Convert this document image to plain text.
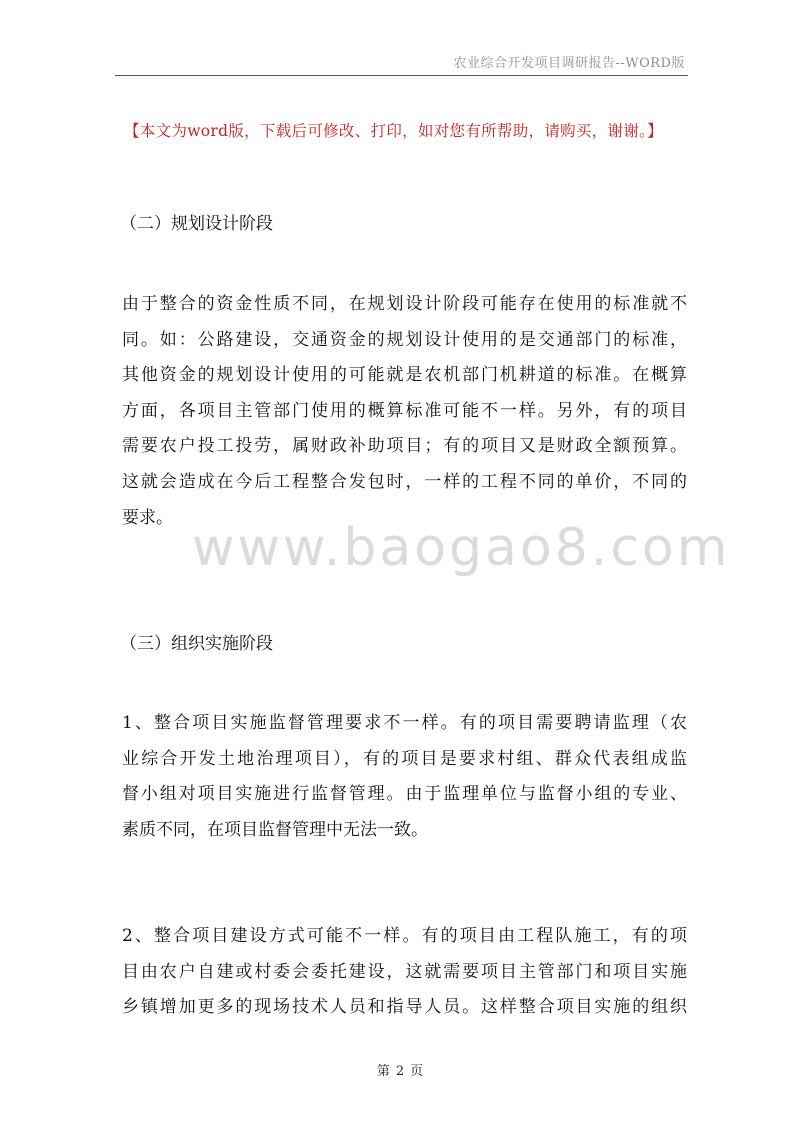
农业综合开发项目调研报告--WORD版
【本文为word版，下载后可修改、打印，如对您有所帮助，请购买，谢谢。】
（二）规划设计阶段
由于整合的资金性质不同，在规划设计阶段可能存在使用的标准就不
同。如：公路建设，交通资金的规划设计使用的是交通部门的标准，
其他资金的规划设计使用的可能就是农机部门机耕道的标准。在概算
方面，各项目主管部门使用的概算标准可能不一样。另外，有的项目
需要农户投工投劳，属财政补助项目；有的项目又是财政全额预算。
这就会造成在今后工程整合发包时，一样的工程不同的单价，不同的
要求。
（三）组织实施阶段
1、整合项目实施监督管理要求不一样。有的项目需要聘请监理（农
业综合开发土地治理项目），有的项目是要求村组、群众代表组成监
督小组对项目实施进行监督管理。由于监理单位与监督小组的专业、
素质不同，在项目监督管理中无法一致。
2、整合项目建设方式可能不一样。有的项目由工程队施工，有的项
目由农户自建或村委会委托建设，这就需要项目主管部门和项目实施
乡镇增加更多的现场技术人员和指导人员。这样整合项目实施的组织
www.baogao8.com
第 2 页
